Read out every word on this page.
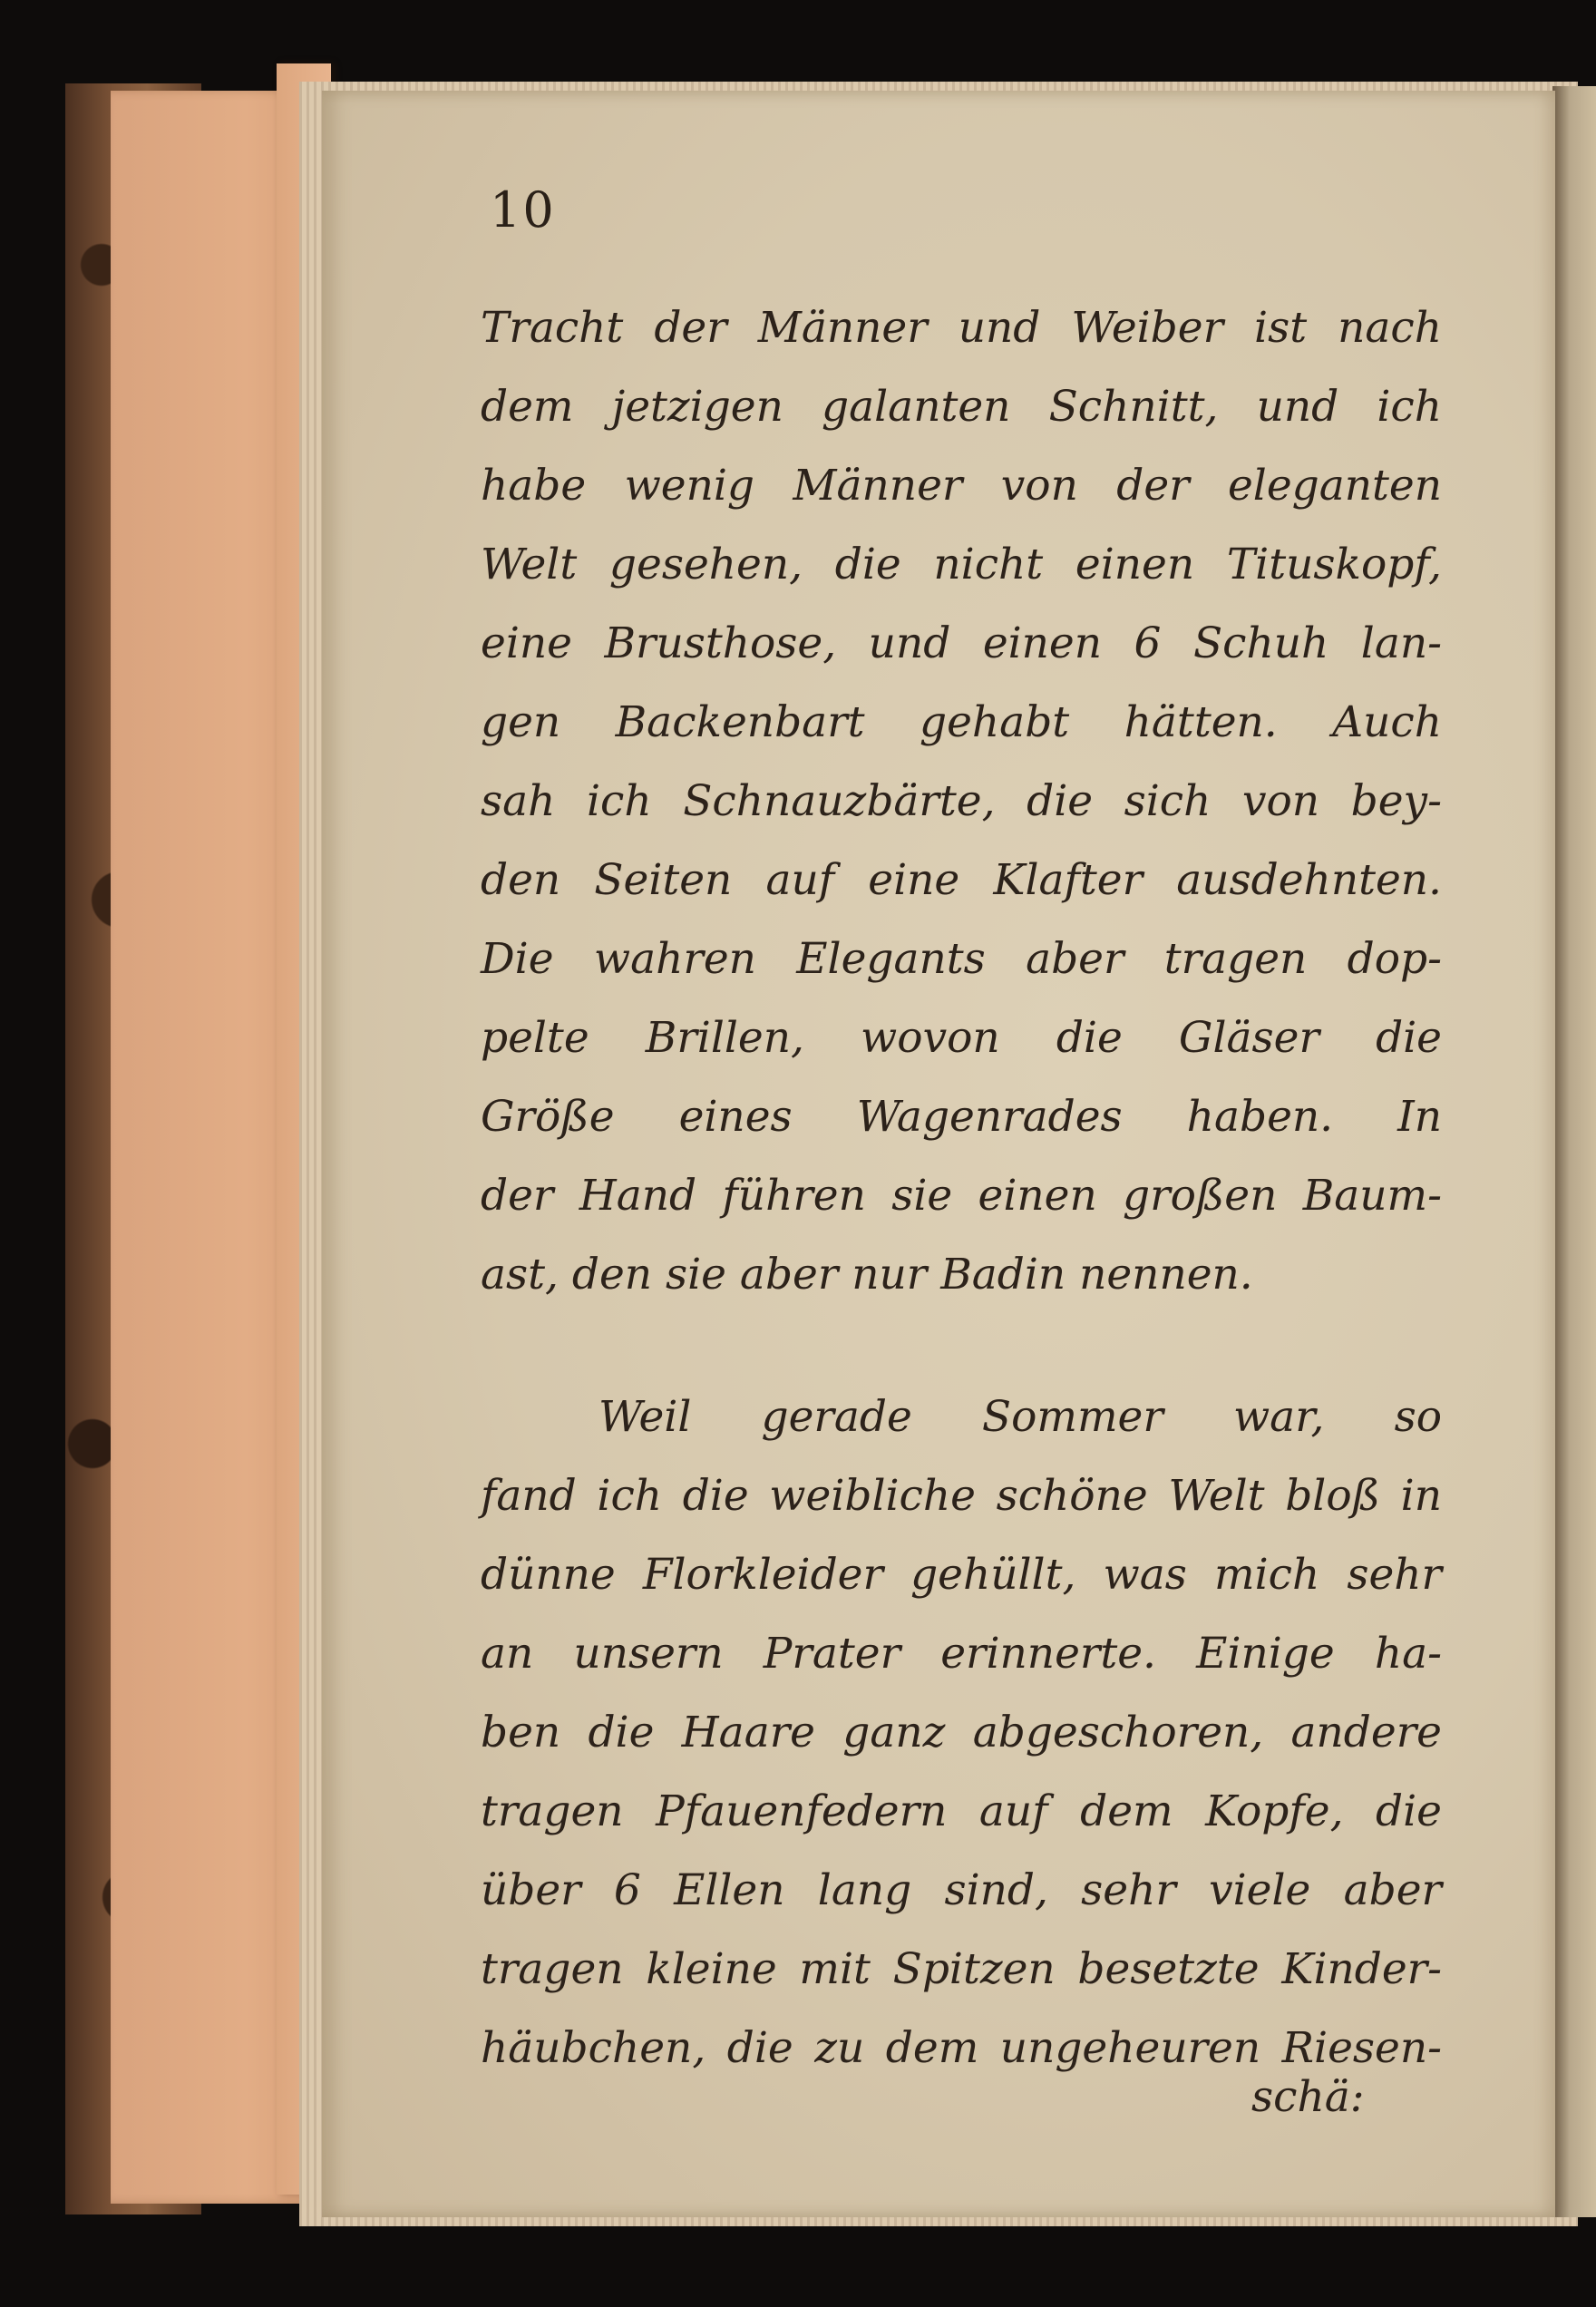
10
Tracht der Männer und Weiber ist nach
dem jetzigen galanten Schnitt, und ich
habe wenig Männer von der eleganten
Welt gesehen, die nicht einen Tituskopf,
eine Brusthose, und einen 6 Schuh lan-
gen Backenbart gehabt hätten. Auch
sah ich Schnauzbärte, die sich von bey-
den Seiten auf eine Klafter ausdehnten.
Die wahren Elegants aber tragen dop-
pelte Brillen, wovon die Gläser die
Größe eines Wagenrades haben. In
der Hand führen sie einen großen Baum-
ast, den sie aber nur Badin nennen.
Weil gerade Sommer war, so
fand ich die weibliche schöne Welt bloß in
dünne Florkleider gehüllt, was mich sehr
an unsern Prater erinnerte. Einige ha-
ben die Haare ganz abgeschoren, andere
tragen Pfauenfedern auf dem Kopfe, die
über 6 Ellen lang sind, sehr viele aber
tragen kleine mit Spitzen besetzte Kinder-
häubchen, die zu dem ungeheuren Riesen-
schä:
